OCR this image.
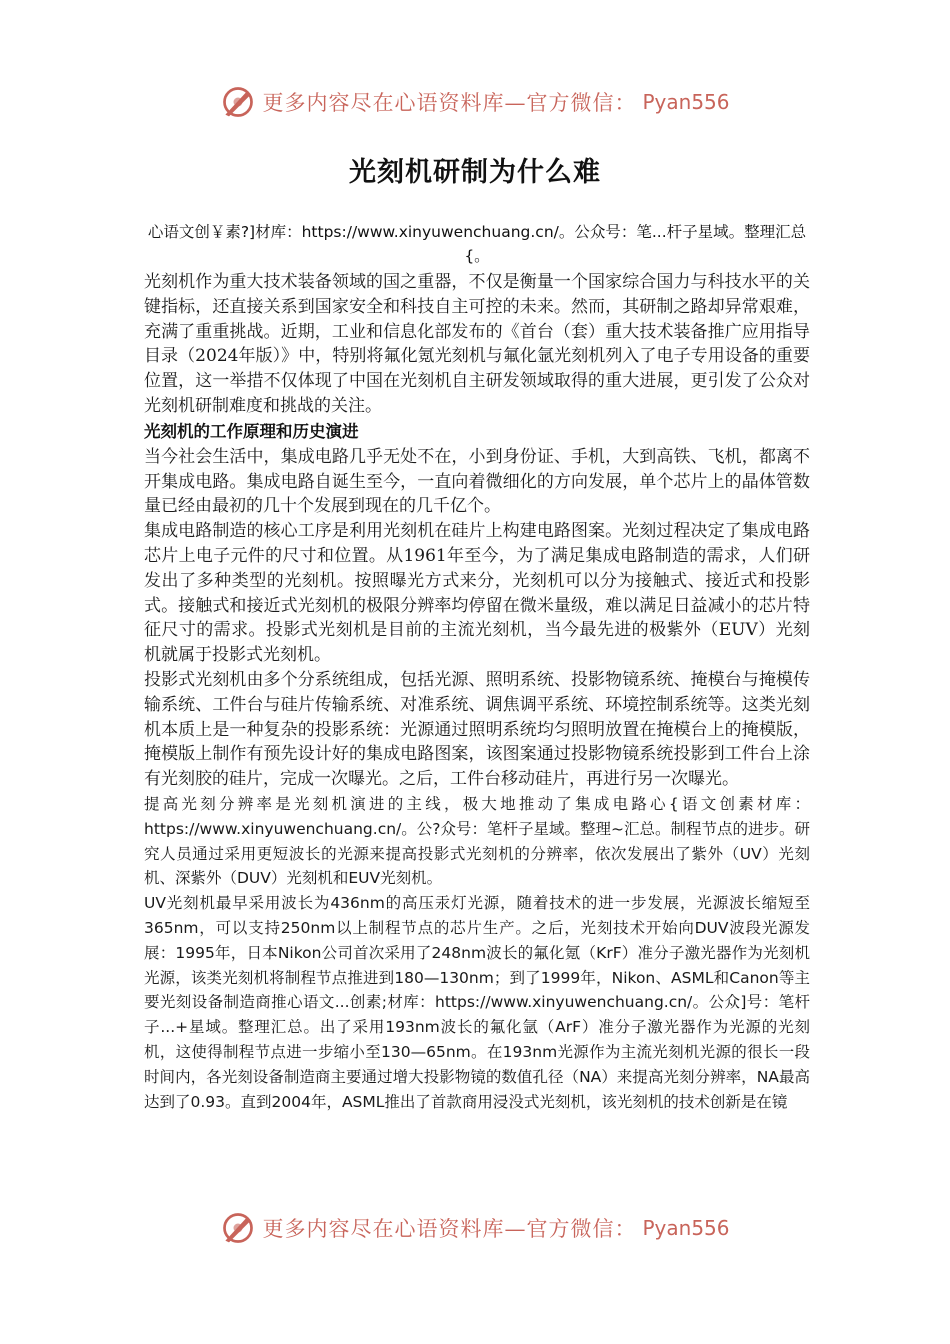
更多内容尽在心语资料库—官方微信： Pyan556
光刻机研制为什么难

心语文创￥素?]材库：https://www.xinyuwenchuang.cn/。公众号：笔...杆子星域。整理汇总{。

光刻机作为重大技术装备领域的国之重器，不仅是衡量一个国家综合国力与科技水平的关键指标，还直接关系到国家安全和科技自主可控的未来。然而，其研制之路却异常艰难，充满了重重挑战。近期，工业和信息化部发布的《首台（套）重大技术装备推广应用指导目录（2024年版）》中，特别将氟化氪光刻机与氟化氩光刻机列入了电子专用设备的重要位置，这一举措不仅体现了中国在光刻机自主研发领域取得的重大进展，更引发了公众对光刻机研制难度和挑战的关注。

光刻机的工作原理和历史演进

当今社会生活中，集成电路几乎无处不在，小到身份证、手机，大到高铁、飞机，都离不开集成电路。集成电路自诞生至今，一直向着微细化的方向发展，单个芯片上的晶体管数量已经由最初的几十个发展到现在的几千亿个。

集成电路制造的核心工序是利用光刻机在硅片上构建电路图案。光刻过程决定了集成电路芯片上电子元件的尺寸和位置。从1961年至今，为了满足集成电路制造的需求，人们研发出了多种类型的光刻机。按照曝光方式来分，光刻机可以分为接触式、接近式和投影式。接触式和接近式光刻机的极限分辨率均停留在微米量级，难以满足日益减小的芯片特征尺寸的需求。投影式光刻机是目前的主流光刻机，当今最先进的极紫外（EUV）光刻机就属于投影式光刻机。

投影式光刻机由多个分系统组成，包括光源、照明系统、投影物镜系统、掩模台与掩模传输系统、工件台与硅片传输系统、对准系统、调焦调平系统、环境控制系统等。这类光刻机本质上是一种复杂的投影系统：光源通过照明系统均匀照明放置在掩模台上的掩模版，掩模版上制作有预先设计好的集成电路图案，该图案通过投影物镜系统投影到工件台上涂有光刻胶的硅片，完成一次曝光。之后，工件台移动硅片，再进行另一次曝光。

提高光刻分辨率是光刻机演进的主线，极大地推动了集成电路心{语文创素材库：https://www.xinyuwenchuang.cn/。公?众号：笔杆子星域。整理~汇总。制程节点的进步。研究人员通过采用更短波长的光源来提高投影式光刻机的分辨率，依次发展出了紫外（UV）光刻机、深紫外（DUV）光刻机和EUV光刻机。

UV光刻机最早采用波长为436nm的高压汞灯光源，随着技术的进一步发展，光源波长缩短至365nm，可以支持250nm以上制程节点的芯片生产。之后，光刻技术开始向DUV波段光源发展：1995年，日本Nikon公司首次采用了248nm波长的氟化氪（KrF）准分子激光器作为光刻机光源，该类光刻机将制程节点推进到180—130nm；到了1999年，Nikon、ASML和Canon等主要光刻设备制造商推心语文...创素;材库：https://www.xinyuwenchuang.cn/。公众]号：笔杆子...+星域。整理汇总。出了采用193nm波长的氟化氩（ArF）准分子激光器作为光源的光刻机，这使得制程节点进一步缩小至130—65nm。在193nm光源作为主流光刻机光源的很长一段时间内，各光刻设备制造商主要通过增大投影物镜的数值孔径（NA）来提高光刻分辨率，NA最高达到了0.93。直到2004年，ASML推出了首款商用浸没式光刻机，该光刻机的技术创新是在镜

更多内容尽在心语资料库—官方微信： Pyan556
